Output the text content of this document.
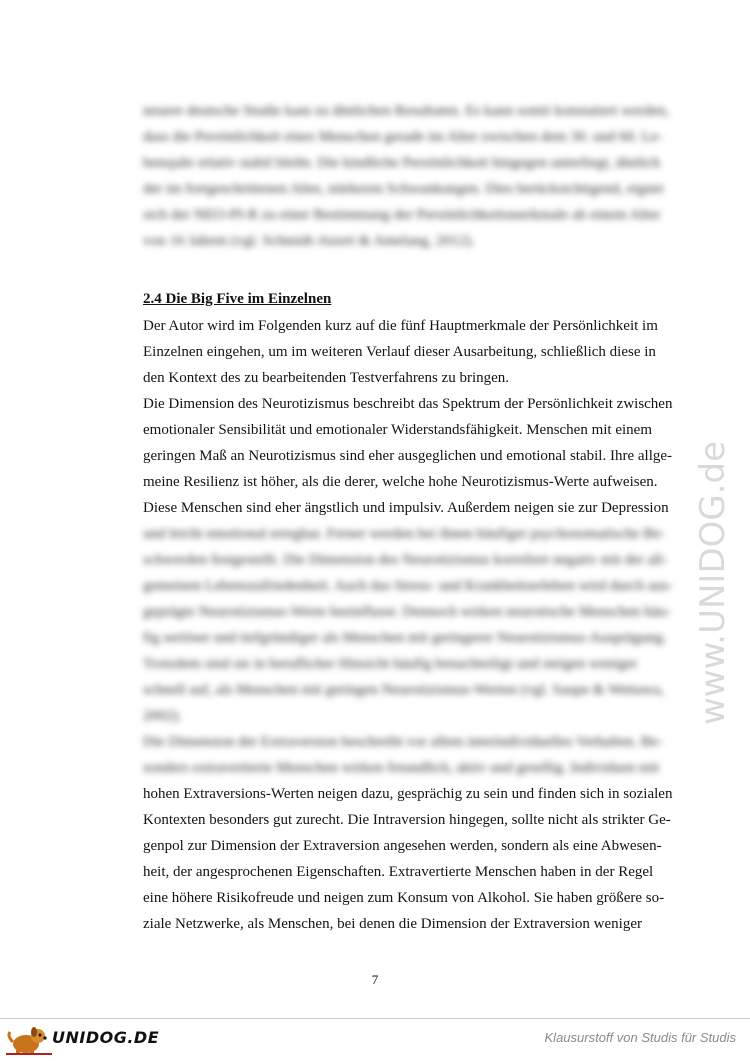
neuere deutsche Studie kam zu ähnlichen Resultaten. Es kann somit konstatiert werden,
dass die Persönlichkeit eines Menschen gerade im Alter zwischen dem 30. und 60. Le-
bensjahr relativ stabil bleibt. Die kindliche Persönlichkeit hingegen unterliegt, ähnlich
der im fortgeschrittenen Alter, stärkeren Schwankungen. Dies berücksichtigend, eignet
sich der NEO-PI-R zu einer Bestimmung der Persönlichkeitsmerkmale ab einem Alter
von 16 Jahren (vgl. Schmidt-Atzert & Amelang, 2012).
2.4 Die Big Five im Einzelnen
Der Autor wird im Folgenden kurz auf die fünf Hauptmerkmale der Persönlichkeit im
Einzelnen eingehen, um im weiteren Verlauf dieser Ausarbeitung, schließlich diese in
den Kontext des zu bearbeitenden Testverfahrens zu bringen.
Die Dimension des Neurotizismus beschreibt das Spektrum der Persönlichkeit zwischen
emotionaler Sensibilität und emotionaler Widerstandsfähigkeit. Menschen mit einem
geringen Maß an Neurotizismus sind eher ausgeglichen und emotional stabil. Ihre allge-
meine Resilienz ist höher, als die derer, welche hohe Neurotizismus-Werte aufweisen.
Diese Menschen sind eher ängstlich und impulsiv. Außerdem neigen sie zur Depression
und leicht emotional erregbar. Ferner werden bei ihnen häufiger psychosomatische Be-
schwerden festgestellt. Die Dimension des Neurotizismus korreliert negativ mit der all-
gemeinen Lebenszufriedenheit. Auch das Stress- und Krankheitserleben wird durch aus-
geprägte Neurotizismus-Werte beeinflusst. Dennoch wirken neurotische Menschen häu-
fig seriöser und tiefgründiger als Menschen mit geringerer Neurotizismus-Ausprägung.
Trotzdem sind sie in beruflicher Hinsicht häufig benachteiligt und steigen weniger
schnell auf, als Menschen mit geringen Neurotizismus-Werten (vgl. Saupe & Wettawa,
2002).
Die Dimension der Extraversion beschreibt vor allem interindividuelles Verhalten. Be-
sonders extravertierte Menschen wirken freundlich, aktiv und gesellig. Individuen mit
hohen Extraversions-Werten neigen dazu, gesprächig zu sein und finden sich in sozialen
Kontexten besonders gut zurecht. Die Intraversion hingegen, sollte nicht als strikter Ge-
genpol zur Dimension der Extraversion angesehen werden, sondern als eine Abwesen-
heit, der angesprochenen Eigenschaften. Extravertierte Menschen haben in der Regel
eine höhere Risikofreude und neigen zum Konsum von Alkohol. Sie haben größere so-
ziale Netzwerke, als Menschen, bei denen die Dimension der Extraversion weniger
7
www.UNIDOG.de
UNIDOG.DE	Klausurstoff von Studis für Studis
